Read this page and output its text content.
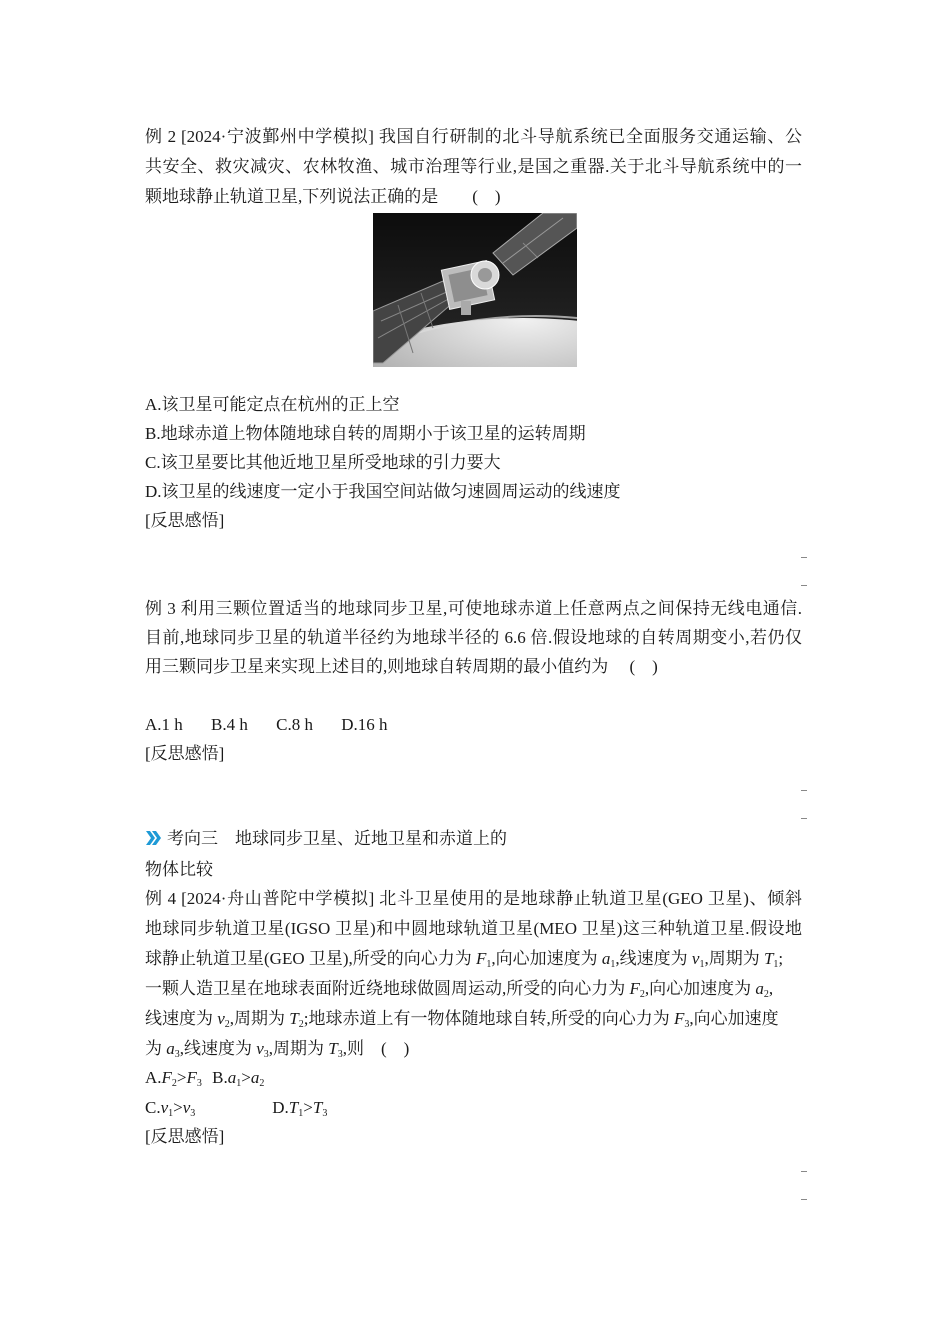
例 2 [2024·宁波鄞州中学模拟] 我国自行研制的北斗导航系统已全面服务交通运输、公
共安全、救灾减灾、农林牧渔、城市治理等行业,是国之重器.关于北斗导航系统中的一
颗地球静止轨道卫星,下列说法正确的是　　(　)
A.该卫星可能定点在杭州的正上空
B.地球赤道上物体随地球自转的周期小于该卫星的运转周期
C.该卫星要比其他近地卫星所受地球的引力要大
D.该卫星的线速度一定小于我国空间站做匀速圆周运动的线速度
[反思感悟]
例 3 利用三颗位置适当的地球同步卫星,可使地球赤道上任意两点之间保持无线电通信.
目前,地球同步卫星的轨道半径约为地球半径的 6.6 倍.假设地球的自转周期变小,若仍仅
用三颗同步卫星来实现上述目的,则地球自转周期的最小值约为　 (　)
A.1 h B.4 h C.8 h D.16 h
[反思感悟]
考向三　地球同步卫星、近地卫星和赤道上的
物体比较
例 4 [2024·舟山普陀中学模拟] 北斗卫星使用的是地球静止轨道卫星(GEO 卫星)、倾斜
地球同步轨道卫星(IGSO 卫星)和中圆地球轨道卫星(MEO 卫星)这三种轨道卫星.假设地
球静止轨道卫星(GEO 卫星),所受的向心力为 $F_1$,向心加速度为 $a_1$,线速度为 $v_1$,周期为 $T_1$;
一颗人造卫星在地球表面附近绕地球做圆周运动,所受的向心力为 $F_2$,向心加速度为 $a_2$,
线速度为 $v_2$,周期为 $T_2$;地球赤道上有一物体随地球自转,所受的向心力为 $F_3$,向心加速度
为 $a_3$,线速度为 $v_3$,周期为 $T_3$,则　(　)
$A.F_2>F_3$ $B.a_1>a_2$
$C.v_1>v_3$	$D.T_1>T_3$
[反思感悟]
